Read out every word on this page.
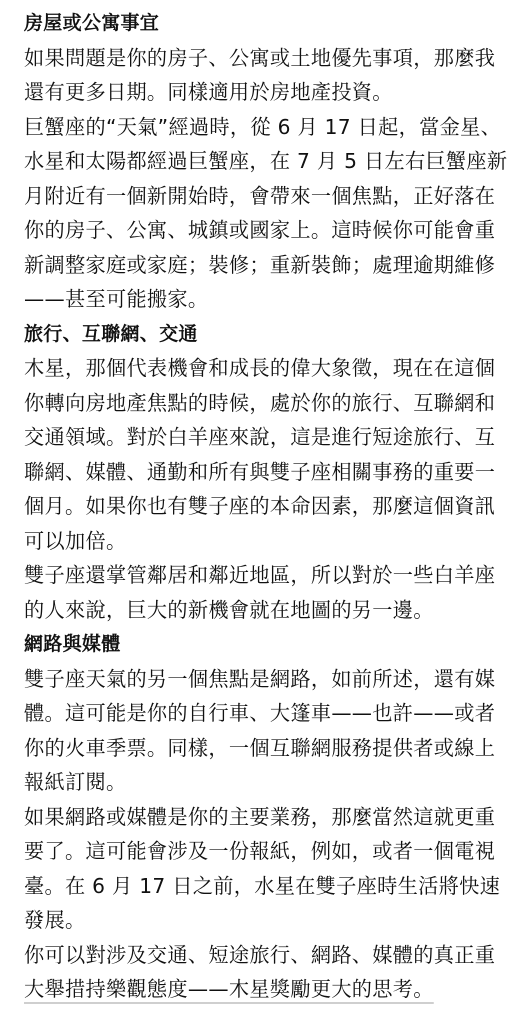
房屋或公寓事宜
如果問題是你的房子、公寓或土地優先事項，那麼我
還有更多日期。同樣適用於房地產投資。
巨蟹座的“天氣”經過時，從 6 月 17 日起，當金星、
水星和太陽都經過巨蟹座，在 7 月 5 日左右巨蟹座新
月附近有一個新開始時，會帶來一個焦點，正好落在
你的房子、公寓、城鎮或國家上。這時候你可能會重
新調整家庭或家庭；裝修；重新裝飾；處理逾期維修
——甚至可能搬家。
旅行、互聯網、交通
木星，那個代表機會和成長的偉大象徵，現在在這個
你轉向房地產焦點的時候，處於你的旅行、互聯網和
交通領域。對於白羊座來說，這是進行短途旅行、互
聯網、媒體、通勤和所有與雙子座相關事務的重要一
個月。如果你也有雙子座的本命因素，那麼這個資訊
可以加倍。
雙子座還掌管鄰居和鄰近地區，所以對於一些白羊座
的人來說，巨大的新機會就在地圖的另一邊。
網路與媒體
雙子座天氣的另一個焦點是網路，如前所述，還有媒
體。這可能是你的自行車、大篷車——也許——或者
你的火車季票。同樣，一個互聯網服務提供者或線上
報紙訂閱。
如果網路或媒體是你的主要業務，那麼當然這就更重
要了。這可能會涉及一份報紙，例如，或者一個電視
臺。在 6 月 17 日之前，水星在雙子座時生活將快速
發展。
你可以對涉及交通、短途旅行、網路、媒體的真正重
大舉措持樂觀態度——木星獎勵更大的思考。
